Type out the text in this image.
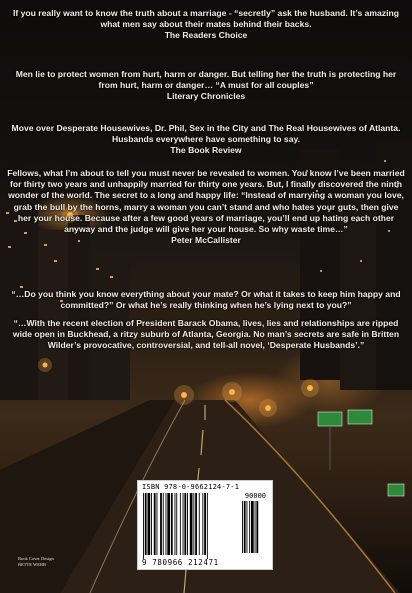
If you really want to know the truth about a marriage - “secretly” ask the husband. It’s amazing what men say about their mates behind their backs.

The Readers Choice

Men lie to protect women from hurt, harm or danger. But telling her the truth is protecting her from hurt, harm or danger… “A must for all couples”

Literary Chronicles

Move over Desperate Housewives, Dr. Phil, Sex in the City and The Real Housewives of Atlanta. Husbands everywhere have something to say.

The Book Review

Fellows, what I’m about to tell you must never be revealed to women. You know I’ve been married for thirty two years and unhappily married for thirty one years. But, I finally discovered the ninth wonder of the world. The secret to a long and happy life: “Instead of marrying a woman you love, grab the bull by the horns, marry a woman you can’t stand and who hates your guts, then give her your house. Because after a few good years of marriage, you’ll end up hating each other anyway and the judge will give her your house. So why waste time…”

Peter McCallister

“…Do you think you know everything about your mate? Or what it takes to keep him happy and committed?” Or what he’s really thinking when he’s lying next to you?”

“…With the recent election of President Barack Obama, lives, lies and relationships are ripped wide open in Buckhead, a ritzy suburb of Atlanta, Georgia. No man’s secrets are safe in Britten Wilder’s provocative, controversial, and tell-all novel, ‘Desperate Husbands’.”

ISBN 978-0-9662124-7-1
90000
9 780966 212471
Book Cover Design
BETTE WEBB
